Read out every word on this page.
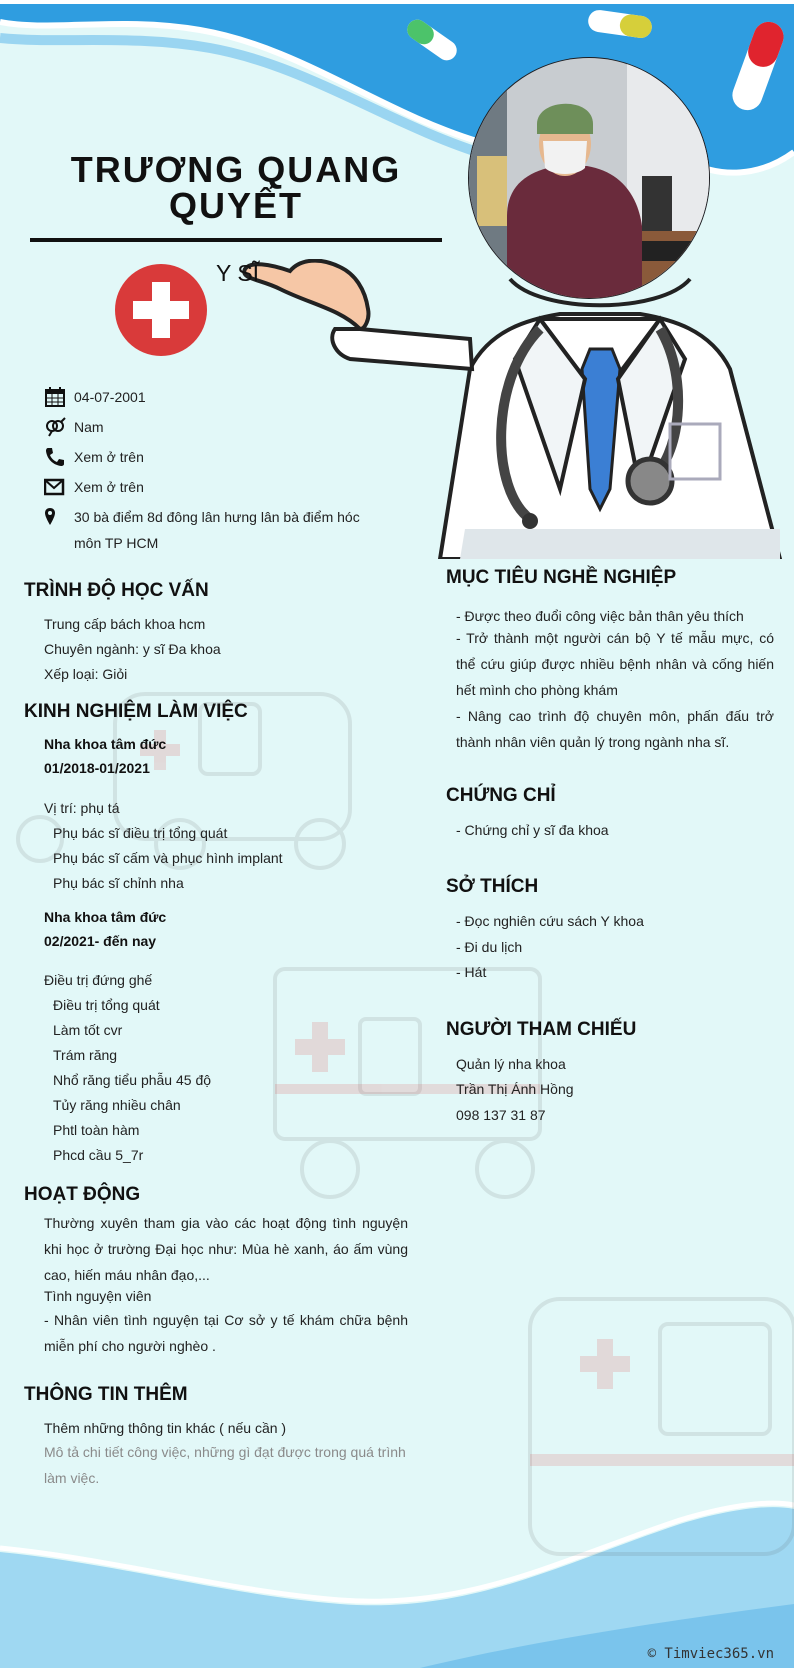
TRƯƠNG QUANG
QUYẾT
Y SĨ
04-07-2001
Nam
Xem ở trên
Xem ở trên
30 bà điểm 8d đông lân hưng lân bà điểm hóc môn TP HCM
TRÌNH ĐỘ HỌC VẤN
Trung cấp bách khoa hcm
Chuyên ngành: y sĩ Đa khoa
Xếp loại: Giỏi
KINH NGHIỆM LÀM VIỆC
Nha khoa tâm đức
01/2018-01/2021
Vị trí: phụ tá
Phụ bác sĩ điều trị tổng quát
Phụ bác sĩ cấm và phục hình implant
Phụ bác sĩ chỉnh nha
Nha khoa tâm đức
02/2021- đến nay
Điều trị đứng ghế
Điều trị tổng quát
Làm tốt cvr
Trám răng
Nhổ răng tiểu phẫu 45 độ
Tủy răng nhiều chân
Phtl toàn hàm
Phcd cầu 5_7r
HOẠT ĐỘNG
Thường xuyên tham gia vào các hoạt động tình nguyện khi học ở trường Đại học như: Mùa hè xanh, áo ấm vùng cao, hiến máu nhân đạo,...
Tình nguyện viên
- Nhân viên tình nguyện tại Cơ sở y tế khám chữa bệnh miễn phí cho người nghèo .
THÔNG TIN THÊM
Thêm những thông tin khác ( nếu cần )
Mô tả chi tiết công việc, những gì đạt được trong quá trình làm việc.
MỤC TIÊU NGHỀ NGHIỆP
- Được theo đuổi công việc bản thân yêu thích
- Trở thành một người cán bộ Y tế mẫu mực, có thể cứu giúp được nhiều bệnh nhân và cống hiến hết mình cho phòng khám
- Nâng cao trình độ chuyên môn, phấn đấu trở thành nhân viên quản lý trong ngành nha sĩ.
CHỨNG CHỈ
- Chứng chỉ y sĩ đa khoa
SỞ THÍCH
- Đọc nghiên cứu sách Y khoa
- Đi du lịch
- Hát
NGƯỜI THAM CHIẾU
Quản lý nha khoa
Trần Thị Ánh Hồng
098 137 31 87
© Timviec365.vn
